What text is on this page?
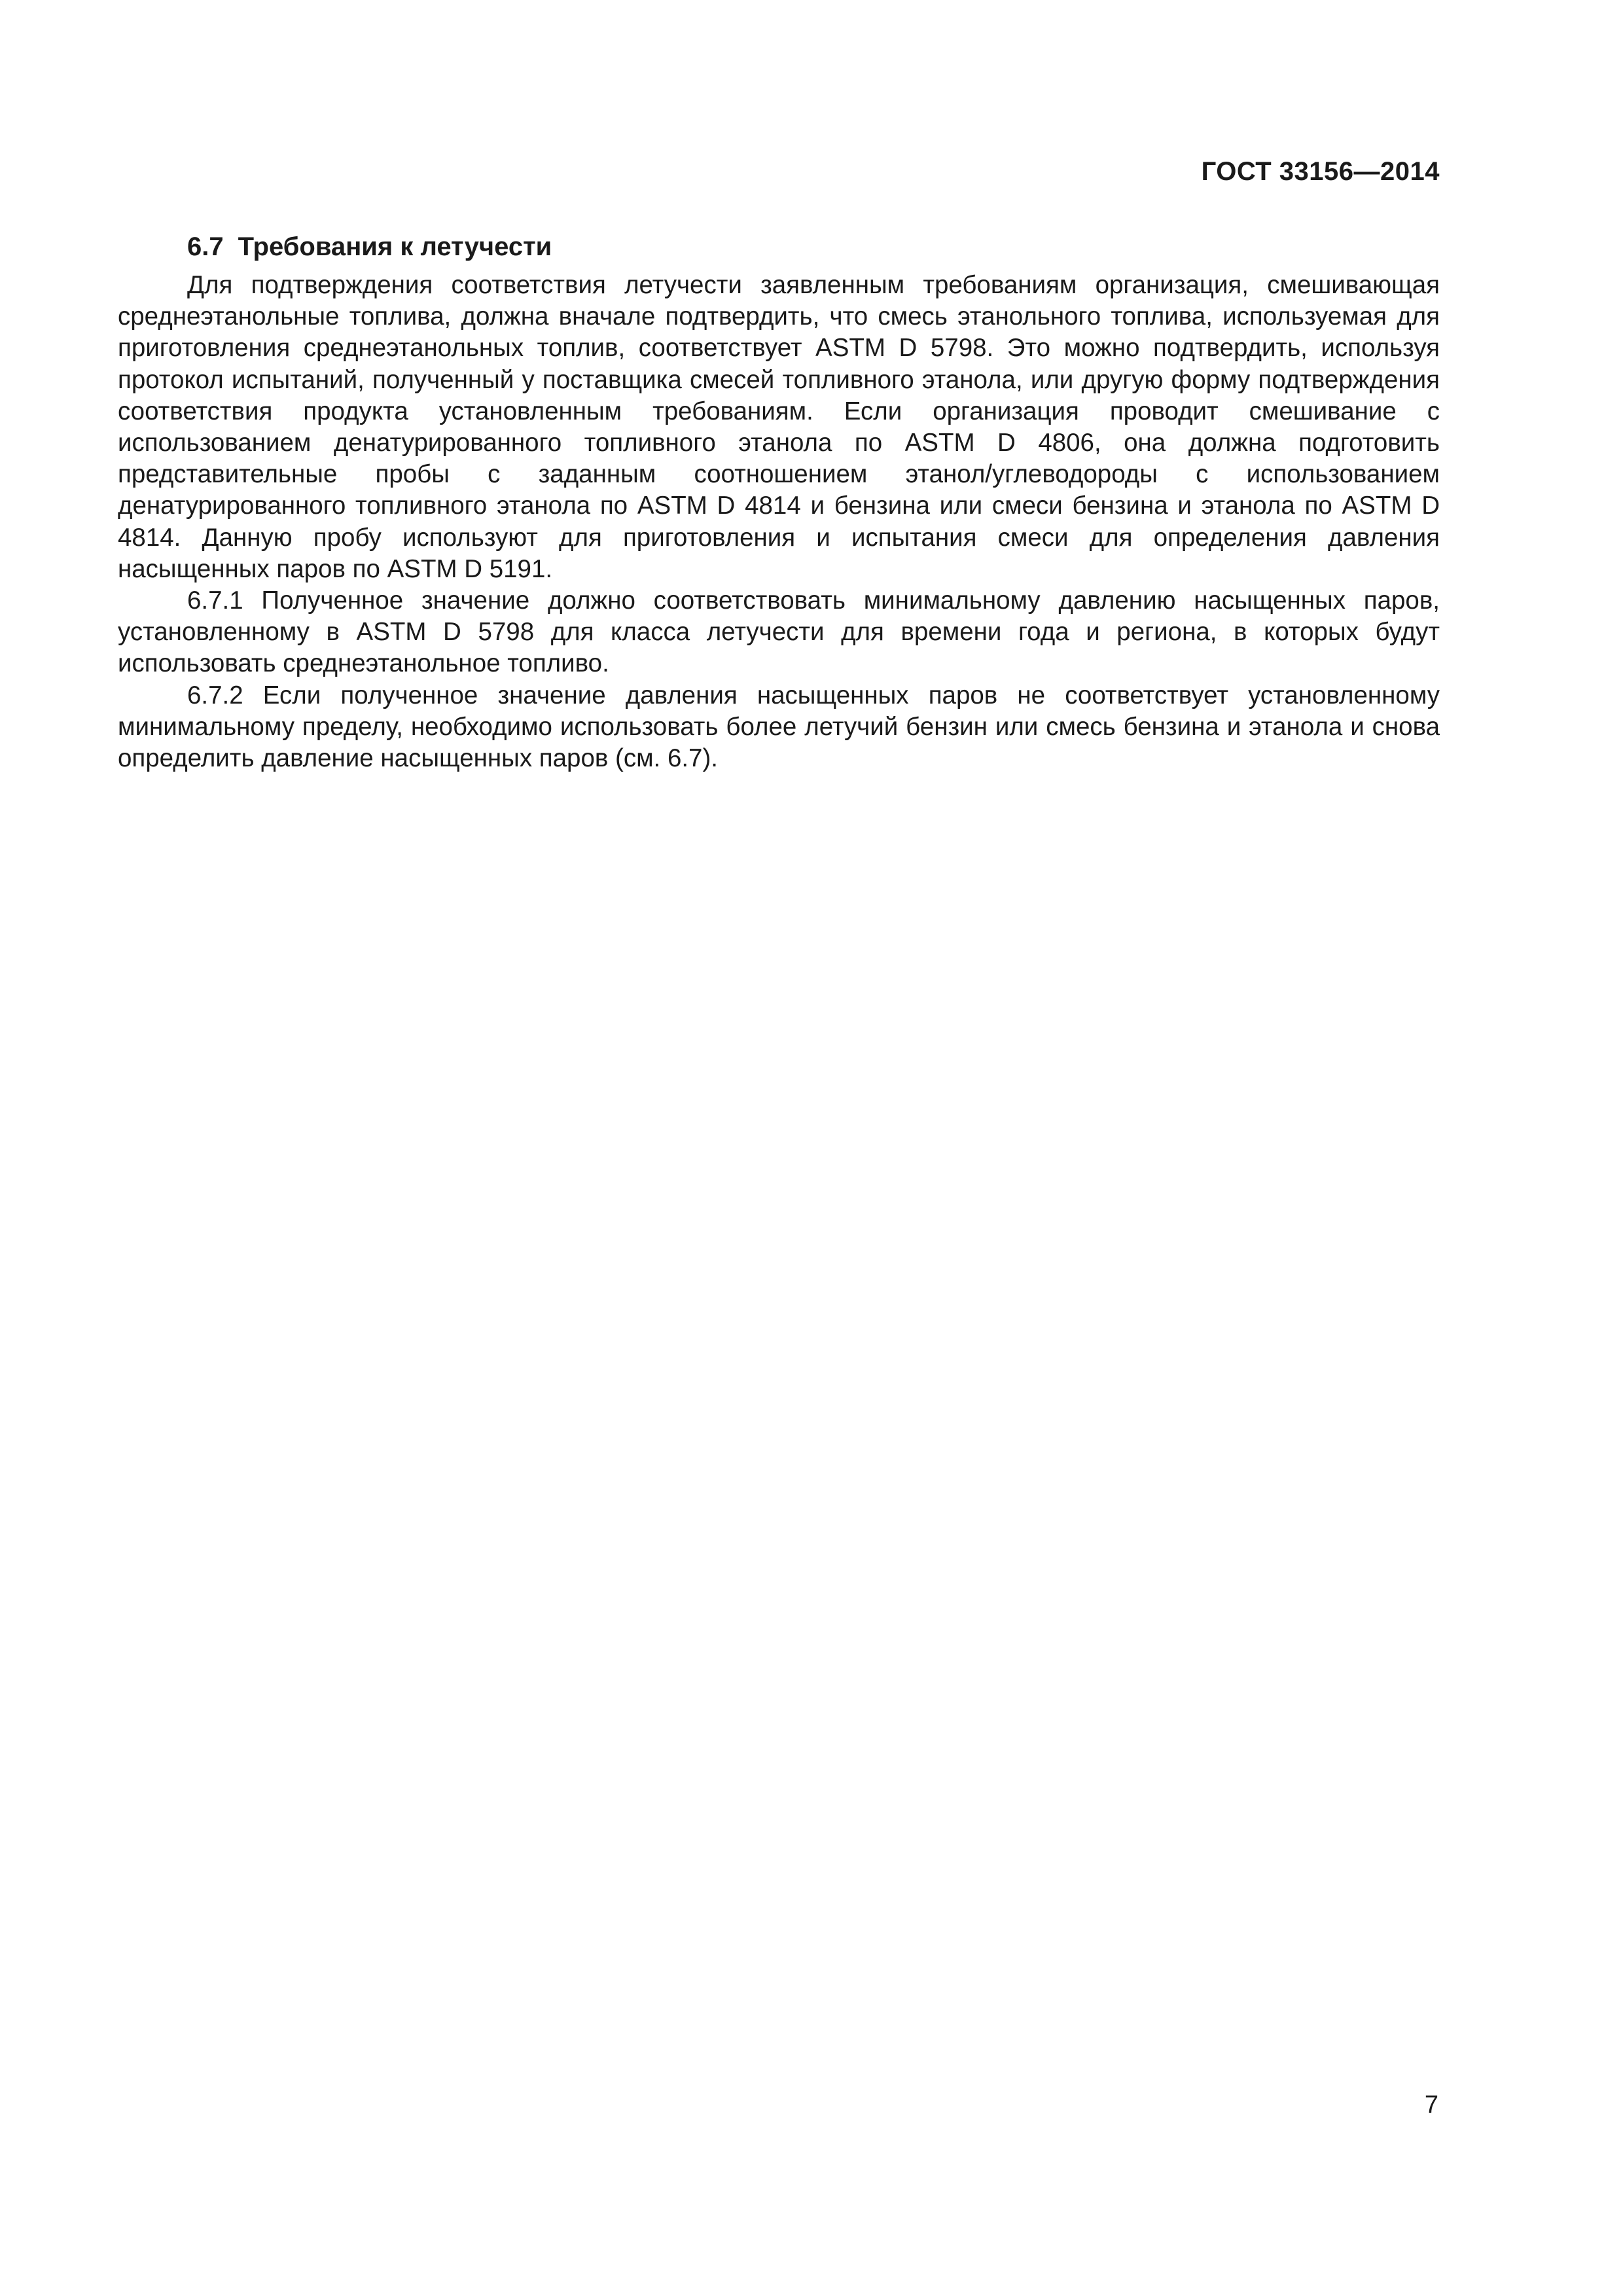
ГОСТ 33156—2014
6.7 Требования к летучести

Для подтверждения соответствия летучести заявленным требованиям организация, смешивающая среднеэтанольные топлива, должна вначале подтвердить, что смесь этанольного топлива, используемая для приготовления среднеэтанольных топлив, соответствует ASTM D 5798. Это можно подтвердить, используя протокол испытаний, полученный у поставщика смесей топливного этанола, или другую форму подтверждения соответствия продукта установленным требованиям. Если организация проводит смешивание с использованием денатурированного топливного этанола по ASTM D 4806, она должна подготовить представительные пробы с заданным соотношением этанол/углеводороды с использованием денатурированного топливного этанола по ASTM D 4814 и бензина или смеси бензина и этанола по ASTM D 4814. Данную пробу используют для приготовления и испытания смеси для определения давления насыщенных паров по ASTM D 5191.

6.7.1 Полученное значение должно соответствовать минимальному давлению насыщенных паров, установленному в ASTM D 5798 для класса летучести для времени года и региона, в которых будут использовать среднеэтанольное топливо.

6.7.2 Если полученное значение давления насыщенных паров не соответствует установленному минимальному пределу, необходимо использовать более летучий бензин или смесь бензина и этанола и снова определить давление насыщенных паров (см. 6.7).

7
